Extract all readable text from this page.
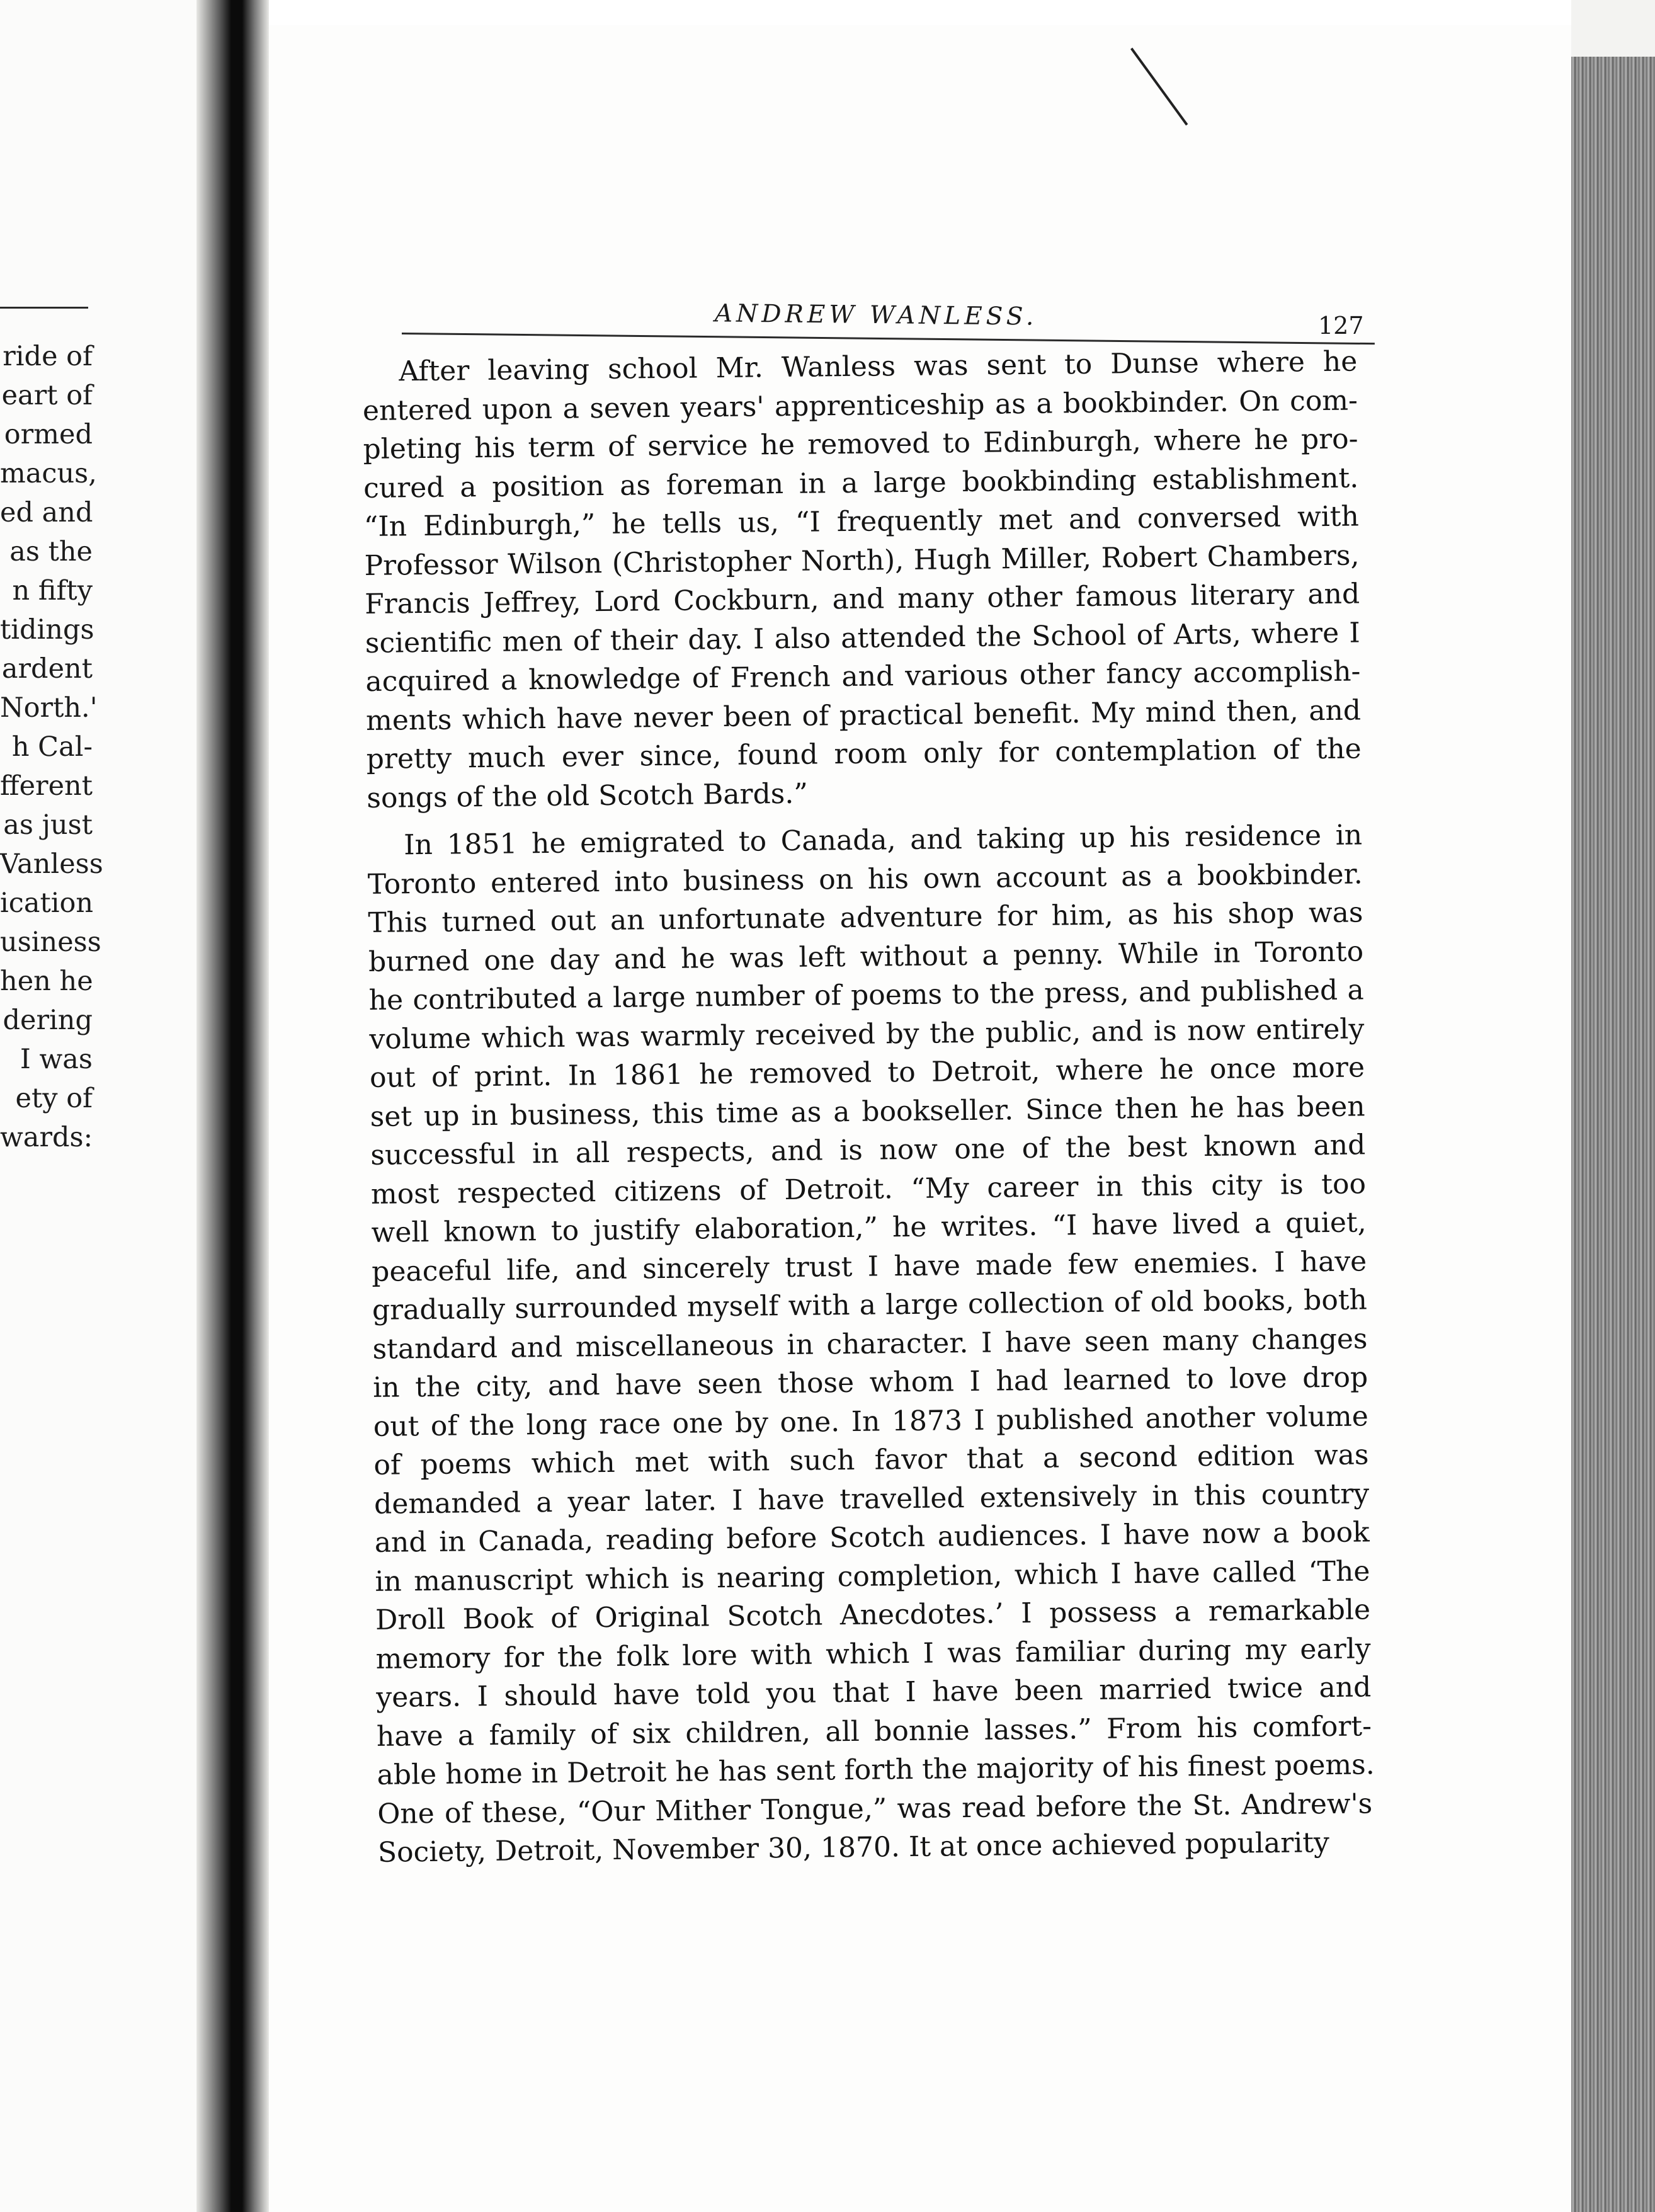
ride of
eart of
ormed
macus,
ed and
as the
n fifty
tidings
ardent
North.'
h Cal-
fferent
as just
Vanless
ication
usiness
hen he
dering
I was
ety of
wards:
ANDREW WANLESS.	127
After leaving school Mr. Wanless was sent to Dunse where he
entered upon a seven years' apprenticeship as a bookbinder. On com-
pleting his term of service he removed to Edinburgh, where he pro-
cured a position as foreman in a large bookbinding establishment.
“In Edinburgh,” he tells us, “I frequently met and conversed with
Professor Wilson (Christopher North), Hugh Miller, Robert Chambers,
Francis Jeffrey, Lord Cockburn, and many other famous literary and
scientific men of their day. I also attended the School of Arts, where I
acquired a knowledge of French and various other fancy accomplish-
ments which have never been of practical benefit. My mind then, and
pretty much ever since, found room only for contemplation of the
songs of the old Scotch Bards.”
In 1851 he emigrated to Canada, and taking up his residence in
Toronto entered into business on his own account as a bookbinder.
This turned out an unfortunate adventure for him, as his shop was
burned one day and he was left without a penny. While in Toronto
he contributed a large number of poems to the press, and published a
volume which was warmly received by the public, and is now entirely
out of print. In 1861 he removed to Detroit, where he once more
set up in business, this time as a bookseller. Since then he has been
successful in all respects, and is now one of the best known and
most respected citizens of Detroit. “My career in this city is too
well known to justify elaboration,” he writes. “I have lived a quiet,
peaceful life, and sincerely trust I have made few enemies. I have
gradually surrounded myself with a large collection of old books, both
standard and miscellaneous in character. I have seen many changes
in the city, and have seen those whom I had learned to love drop
out of the long race one by one. In 1873 I published another volume
of poems which met with such favor that a second edition was
demanded a year later. I have travelled extensively in this country
and in Canada, reading before Scotch audiences. I have now a book
in manuscript which is nearing completion, which I have called ‘The
Droll Book of Original Scotch Anecdotes.’ I possess a remarkable
memory for the folk lore with which I was familiar during my early
years. I should have told you that I have been married twice and
have a family of six children, all bonnie lasses.” From his comfort-
able home in Detroit he has sent forth the majority of his finest poems.
One of these, “Our Mither Tongue,” was read before the St. Andrew's
Society, Detroit, November 30, 1870. It at once achieved popularity
